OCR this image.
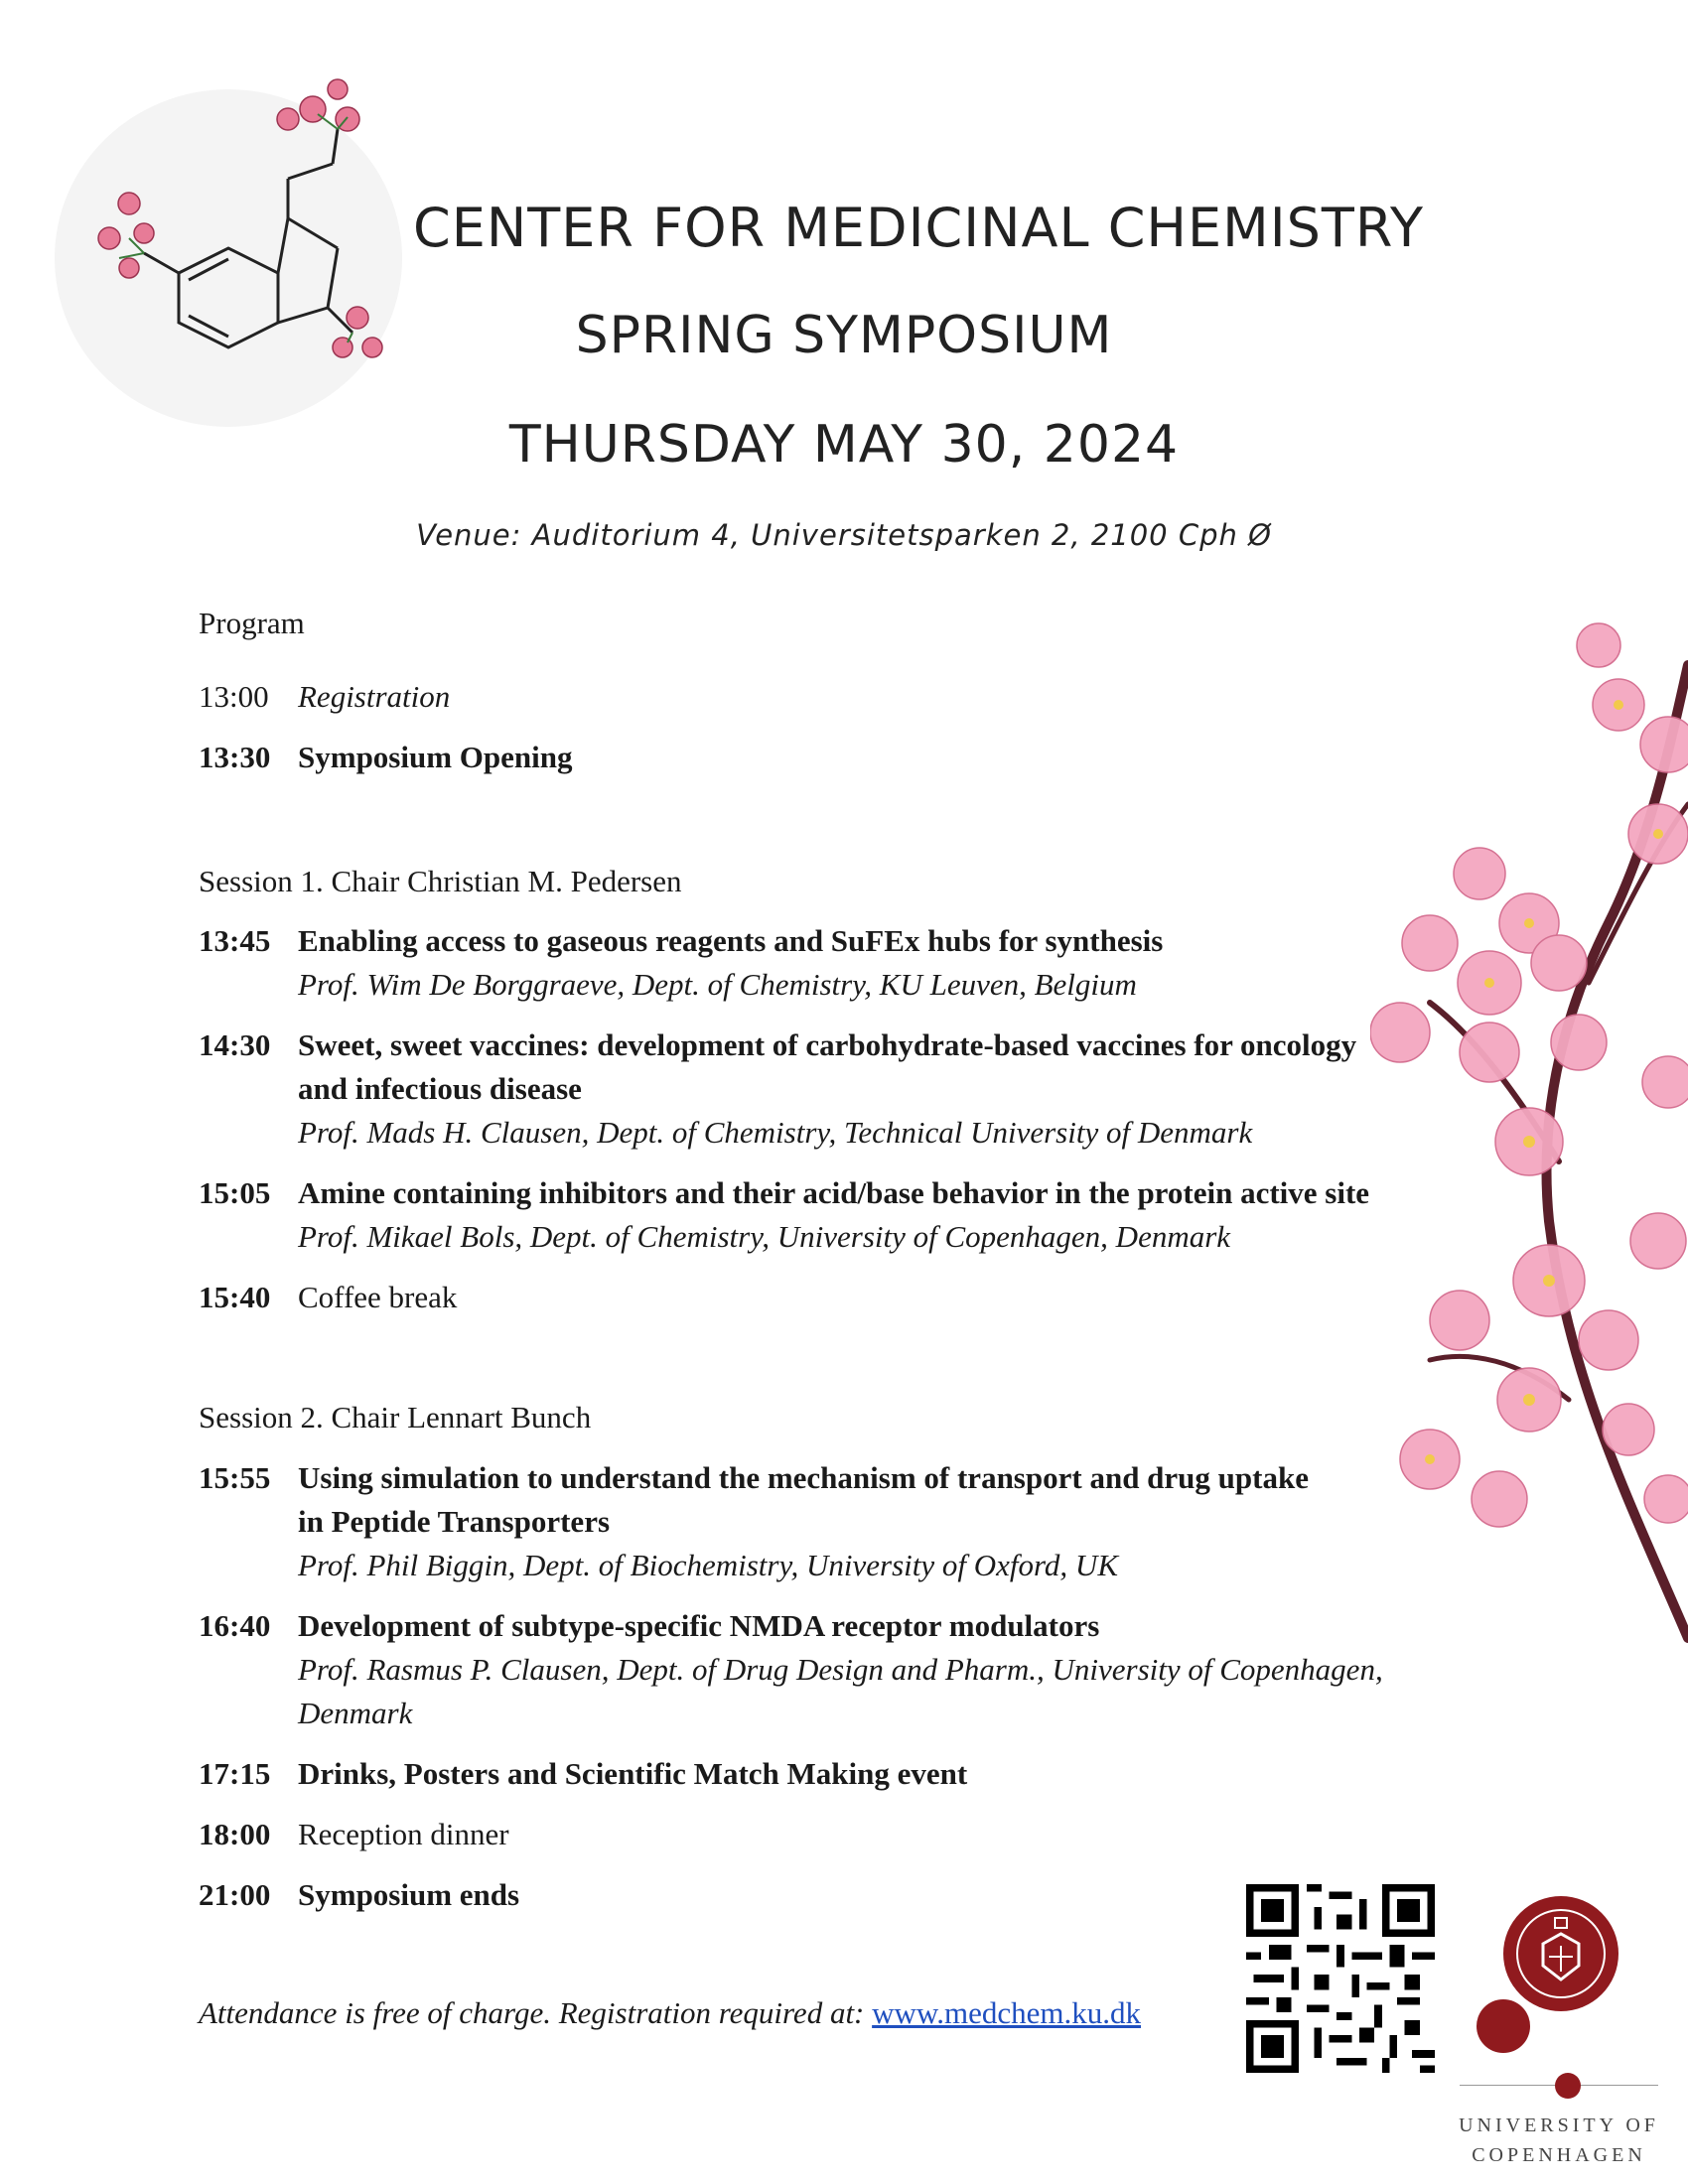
CENTER FOR MEDICINAL CHEMISTRY
SPRING SYMPOSIUM
THURSDAY MAY 30, 2024
Venue: Auditorium 4, Universitetsparken 2, 2100 Cph Ø
Program
13:00 Registration
13:30 Symposium Opening
Session 1. Chair Christian M. Pedersen
13:45 Enabling access to gaseous reagents and SuFEx hubs for synthesis
Prof. Wim De Borggraeve, Dept. of Chemistry, KU Leuven, Belgium
14:30 Sweet, sweet vaccines: development of carbohydrate-based vaccines for oncology
and infectious disease
Prof. Mads H. Clausen, Dept. of Chemistry, Technical University of Denmark
15:05 Amine containing inhibitors and their acid/base behavior in the protein active site
Prof. Mikael Bols, Dept. of Chemistry, University of Copenhagen, Denmark
15:40 Coffee break
Session 2. Chair Lennart Bunch
15:55 Using simulation to understand the mechanism of transport and drug uptake
in Peptide Transporters
Prof. Phil Biggin, Dept. of Biochemistry, University of Oxford, UK
16:40 Development of subtype-specific NMDA receptor modulators
Prof. Rasmus P. Clausen, Dept. of Drug Design and Pharm., University of Copenhagen,
Denmark
17:15 Drinks, Posters and Scientific Match Making event
18:00 Reception dinner
21:00 Symposium ends
Attendance is free of charge. Registration required at: www.medchem.ku.dk
UNIVERSITY OF
COPENHAGEN
